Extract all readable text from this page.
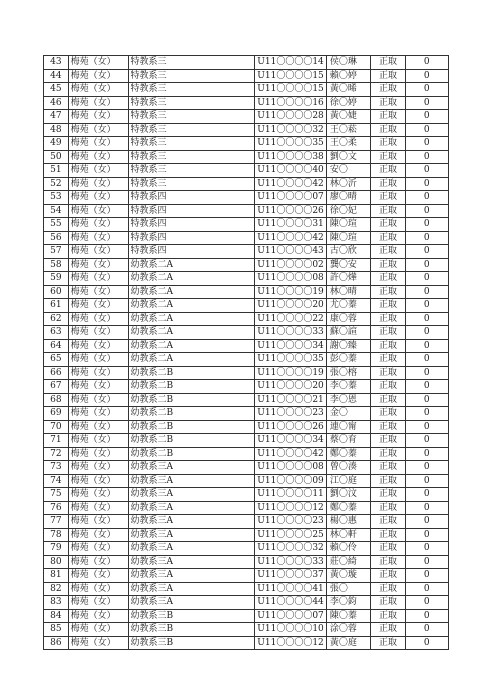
43	梅苑（女）	特教系三	U11〇〇〇〇14	侯〇琳	正取	0
44	梅苑（女）	特教系三	U11〇〇〇〇15	賴〇婷	正取	0
45	梅苑（女）	特教系三	U11〇〇〇〇15	黃〇晞	正取	0
46	梅苑（女）	特教系三	U11〇〇〇〇16	徐〇婷	正取	0
47	梅苑（女）	特教系三	U11〇〇〇〇28	黃〇婕	正取	0
48	梅苑（女）	特教系三	U11〇〇〇〇32	王〇菘	正取	0
49	梅苑（女）	特教系三	U11〇〇〇〇35	王〇柔	正取	0
50	梅苑（女）	特教系三	U11〇〇〇〇38	劉〇文	正取	0
51	梅苑（女）	特教系三	U11〇〇〇〇40	安〇	正取	0
52	梅苑（女）	特教系三	U11〇〇〇〇42	林〇沂	正取	0
53	梅苑（女）	特教系四	U11〇〇〇〇07	廖〇晴	正取	0
54	梅苑（女）	特教系四	U11〇〇〇〇26	徐〇妃	正取	0
55	梅苑（女）	特教系四	U11〇〇〇〇31	陳〇瑄	正取	0
56	梅苑（女）	特教系四	U11〇〇〇〇42	陳〇瑄	正取	0
57	梅苑（女）	特教系四	U11〇〇〇〇43	古〇欣	正取	0
58	梅苑（女）	幼教系二A	U11〇〇〇〇02	龔〇安	正取	0
59	梅苑（女）	幼教系二A	U11〇〇〇〇08	許〇燁	正取	0
60	梅苑（女）	幼教系二A	U11〇〇〇〇19	林〇晴	正取	0
61	梅苑（女）	幼教系二A	U11〇〇〇〇20	尤〇蓁	正取	0
62	梅苑（女）	幼教系二A	U11〇〇〇〇22	康〇蓉	正取	0
63	梅苑（女）	幼教系二A	U11〇〇〇〇33	蘇〇諠	正取	0
64	梅苑（女）	幼教系二A	U11〇〇〇〇34	謝〇臻	正取	0
65	梅苑（女）	幼教系二A	U11〇〇〇〇35	彭〇蓁	正取	0
66	梅苑（女）	幼教系二B	U11〇〇〇〇19	張〇榕	正取	0
67	梅苑（女）	幼教系二B	U11〇〇〇〇20	李〇蓁	正取	0
68	梅苑（女）	幼教系二B	U11〇〇〇〇21	李〇恩	正取	0
69	梅苑（女）	幼教系二B	U11〇〇〇〇23	金〇	正取	0
70	梅苑（女）	幼教系二B	U11〇〇〇〇26	連〇甯	正取	0
71	梅苑（女）	幼教系二B	U11〇〇〇〇34	蔡〇育	正取	0
72	梅苑（女）	幼教系二B	U11〇〇〇〇42	鄭〇蓁	正取	0
73	梅苑（女）	幼教系三A	U11〇〇〇〇08	曾〇湊	正取	0
74	梅苑（女）	幼教系三A	U11〇〇〇〇09	江〇庭	正取	0
75	梅苑（女）	幼教系三A	U11〇〇〇〇11	劉〇汶	正取	0
76	梅苑（女）	幼教系三A	U11〇〇〇〇12	鄭〇蓁	正取	0
77	梅苑（女）	幼教系三A	U11〇〇〇〇23	楊〇惠	正取	0
78	梅苑（女）	幼教系三A	U11〇〇〇〇25	林〇軒	正取	0
79	梅苑（女）	幼教系三A	U11〇〇〇〇32	賴〇伶	正取	0
80	梅苑（女）	幼教系三A	U11〇〇〇〇33	莊〇綺	正取	0
81	梅苑（女）	幼教系三A	U11〇〇〇〇37	黃〇璇	正取	0
82	梅苑（女）	幼教系三A	U11〇〇〇〇41	張〇	正取	0
83	梅苑（女）	幼教系三A	U11〇〇〇〇44	李〇鈞	正取	0
84	梅苑（女）	幼教系三B	U11〇〇〇〇07	陳〇蓁	正取	0
85	梅苑（女）	幼教系三B	U11〇〇〇〇10	涂〇蓉	正取	0
86	梅苑（女）	幼教系三B	U11〇〇〇〇12	黃〇庭	正取	0
